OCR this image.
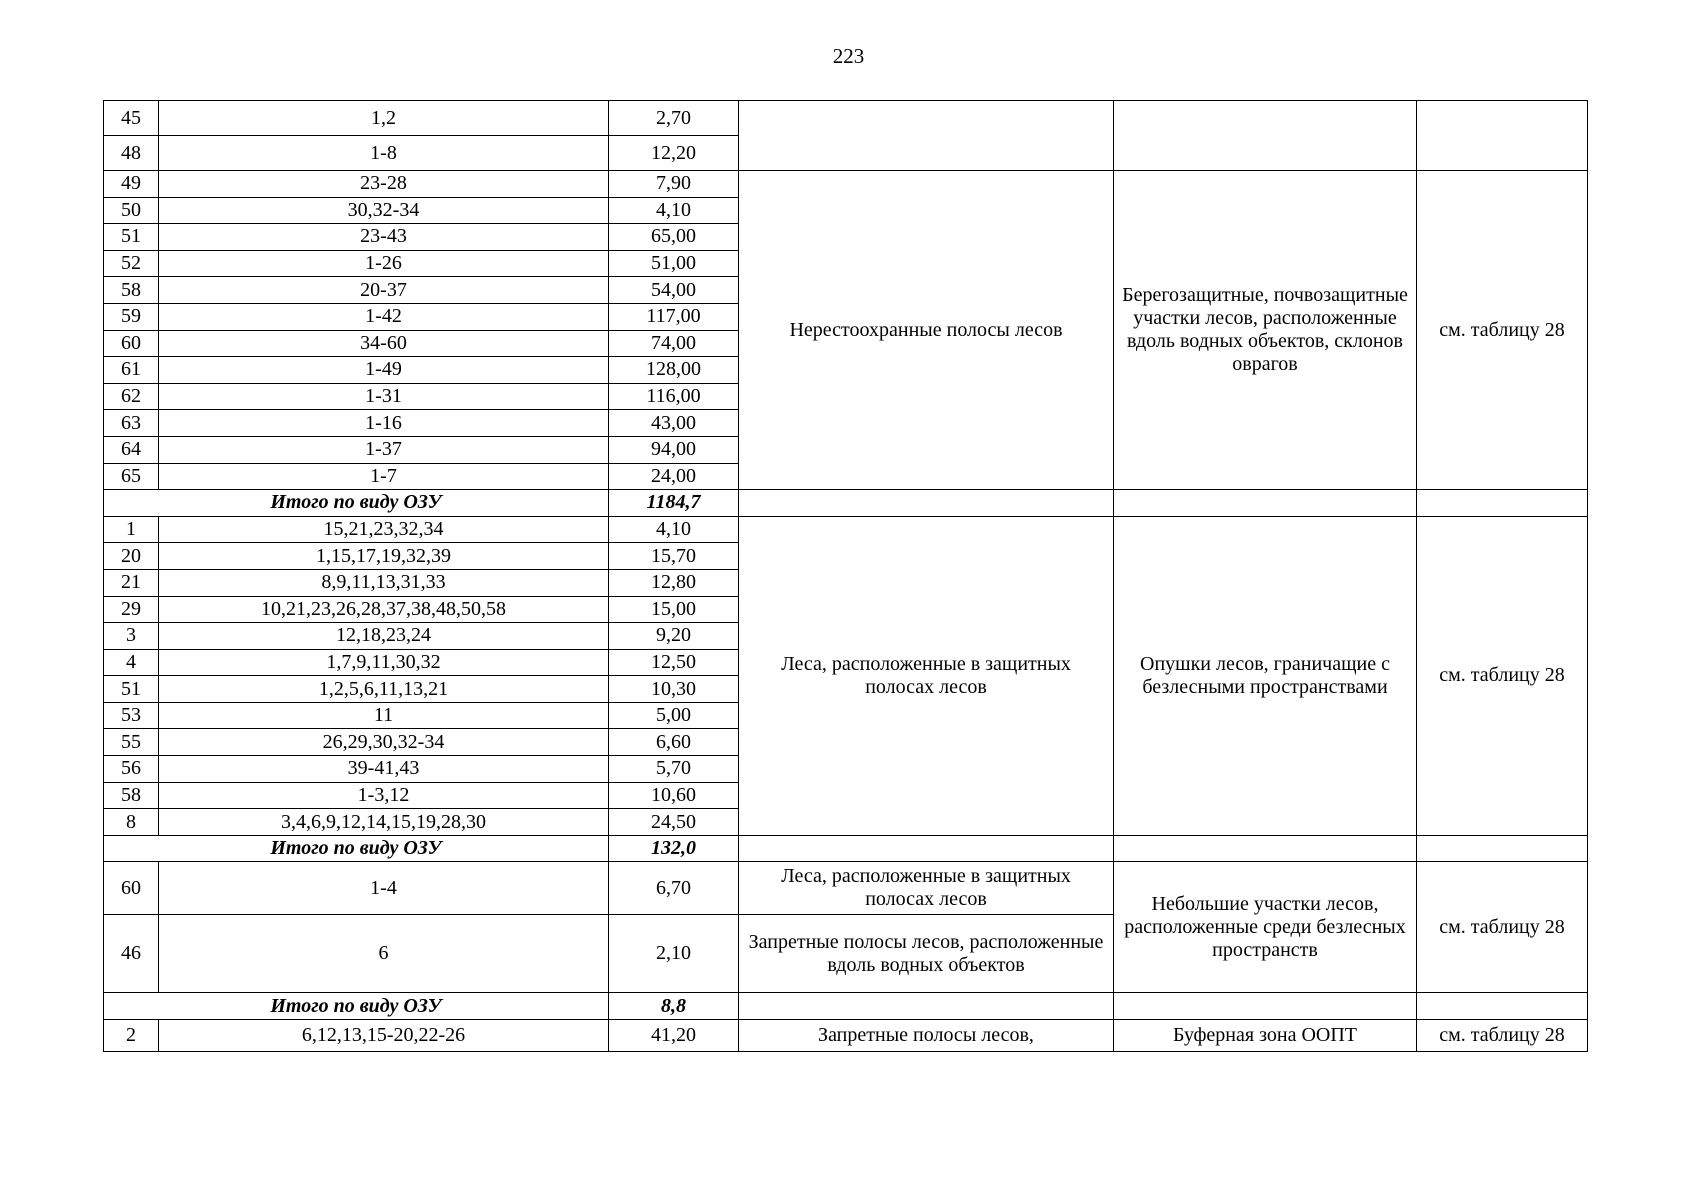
223
45	1,2	2,70			
48	1-8	12,20			
49	23-28	7,90	Нерестоохранные полосы лесов	Берегозащитные, почвозащитные участки лесов, расположенные вдоль водных объектов, склонов оврагов	см. таблицу 28
50	30,32-34	4,10			
51	23-43	65,00			
52	1-26	51,00			
58	20-37	54,00			
59	1-42	117,00			
60	34-60	74,00			
61	1-49	128,00			
62	1-31	116,00			
63	1-16	43,00			
64	1-37	94,00			
65	1-7	24,00			
Итого по виду ОЗУ		1184,7			
1	15,21,23,32,34	4,10	Леса, расположенные в защитных полосах лесов	Опушки лесов, граничащие с безлесными пространствами	см. таблицу 28
20	1,15,17,19,32,39	15,70			
21	8,9,11,13,31,33	12,80			
29	10,21,23,26,28,37,38,48,50,58	15,00			
3	12,18,23,24	9,20			
4	1,7,9,11,30,32	12,50			
51	1,2,5,6,11,13,21	10,30			
53	11	5,00			
55	26,29,30,32-34	6,60			
56	39-41,43	5,70			
58	1-3,12	10,60			
8	3,4,6,9,12,14,15,19,28,30	24,50			
Итого по виду ОЗУ		132,0			
60	1-4	6,70	Леса, расположенные в защитных полосах лесов	Небольшие участки лесов, расположенные среди безлесных пространств	см. таблицу 28
46	6	2,10	Запретные полосы лесов, расположенные вдоль водных объектов		
Итого по виду ОЗУ		8,8			
2	6,12,13,15-20,22-26	41,20	Запретные полосы лесов,	Буферная зона ООПТ	см. таблицу 28
